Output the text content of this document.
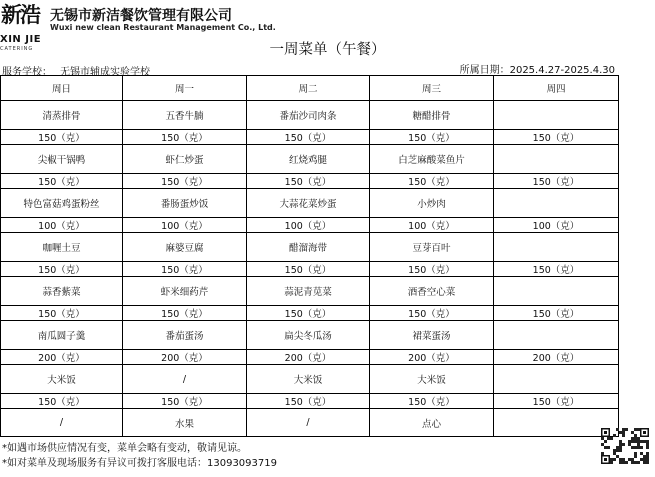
新浩
XIN JIE
CATERING
无锡市新洁餐饮管理有限公司
Wuxi new clean Restaurant Management Co., Ltd.
一周菜单（午餐）
服务学校： 无锡市辅成实验学校	所属日期：2025.4.27-2025.4.30
周日	周一	周二	周三	周四
清蒸排骨	五香牛腩	番茄沙司肉条	糖醋排骨	
150（克）	150（克）	150（克）	150（克）	150（克）
尖椒干锅鸭	虾仁炒蛋	红烧鸡腿	白芝麻酸菜鱼片	
150（克）	150（克）	150（克）	150（克）	150（克）
特色富菇鸡蛋粉丝	番肠蛋炒饭	大蒜花菜炒蛋	小炒肉	
100（克）	100（克）	100（克）	100（克）	100（克）
咖喱土豆	麻婆豆腐	醋溜海带	豆芽百叶	
150（克）	150（克）	150（克）	150（克）	150（克）
蒜香紫菜	虾米细药芹	蒜泥青苋菜	酒香空心菜	
150（克）	150（克）	150（克）	150（克）	150（克）
南瓜圆子羹	番茄蛋汤	扁尖冬瓜汤	裙菜蛋汤	
200（克）	200（克）	200（克）	200（克）	200（克）
大米饭	/	大米饭	大米饭	
150（克）	150（克）	150（克）	150（克）	150（克）
/	水果	/	点心	
*如遇市场供应情况有变，菜单会略有变动，敬请见谅。
*如对菜单及现场服务有异议可拨打客服电话：13093093719
